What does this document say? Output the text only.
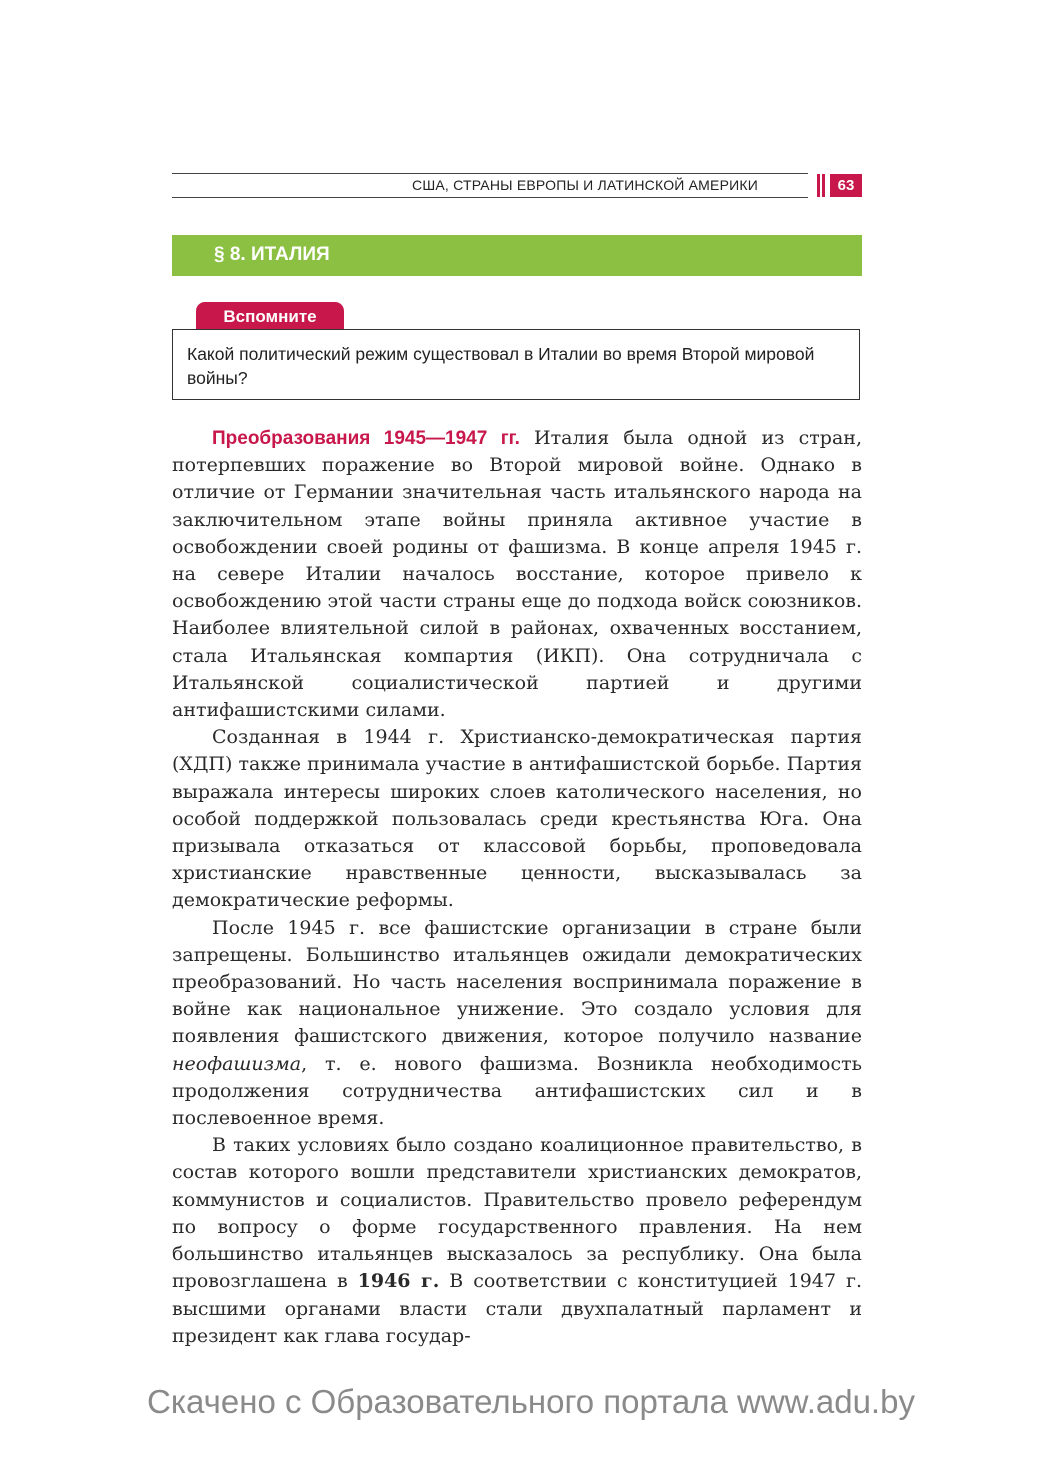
США, СТРАНЫ ЕВРОПЫ И ЛАТИНСКОЙ АМЕРИКИ	63
§ 8. ИТАЛИЯ
Вспомните
Какой политический режим существовал в Италии во время Второй мировой войны?

Преобразования 1945—1947 гг. Италия была одной из стран, потерпевших поражение во Второй мировой войне. Однако в отличие от Германии значительная часть итальянского народа на заключительном этапе войны приняла активное участие в освобождении своей родины от фашизма. В конце апреля 1945 г. на севере Италии началось восстание, которое привело к освобождению этой части страны еще до подхода войск союзников. Наиболее влиятельной силой в районах, охваченных восстанием, стала Итальянская компартия (ИКП). Она сотрудничала с Итальянской социалистической партией и другими антифашистскими силами.

Созданная в 1944 г. Христианско-демократическая партия (ХДП) также принимала участие в антифашистской борьбе. Партия выражала интересы широких слоев католического населения, но особой поддержкой пользовалась среди крестьянства Юга. Она призывала отказаться от классовой борьбы, проповедовала христианские нравственные ценности, высказывалась за демократические реформы.

После 1945 г. все фашистские организации в стране были запрещены. Большинство итальянцев ожидали демократических преобразований. Но часть населения воспринимала поражение в войне как национальное унижение. Это создало условия для появления фашистского движения, которое получило название неофашизма, т. е. нового фашизма. Возникла необходимость продолжения сотрудничества антифашистских сил и в послевоенное время.

В таких условиях было создано коалиционное правительство, в состав которого вошли представители христианских демократов, коммунистов и социалистов. Правительство провело референдум по вопросу о форме государственного правления. На нем большинство итальянцев высказалось за республику. Она была провозглашена в 1946 г. В соответствии с конституцией 1947 г. высшими органами власти стали двухпалатный парламент и президент как глава государ-

Скачено с Образовательного портала www.adu.by
